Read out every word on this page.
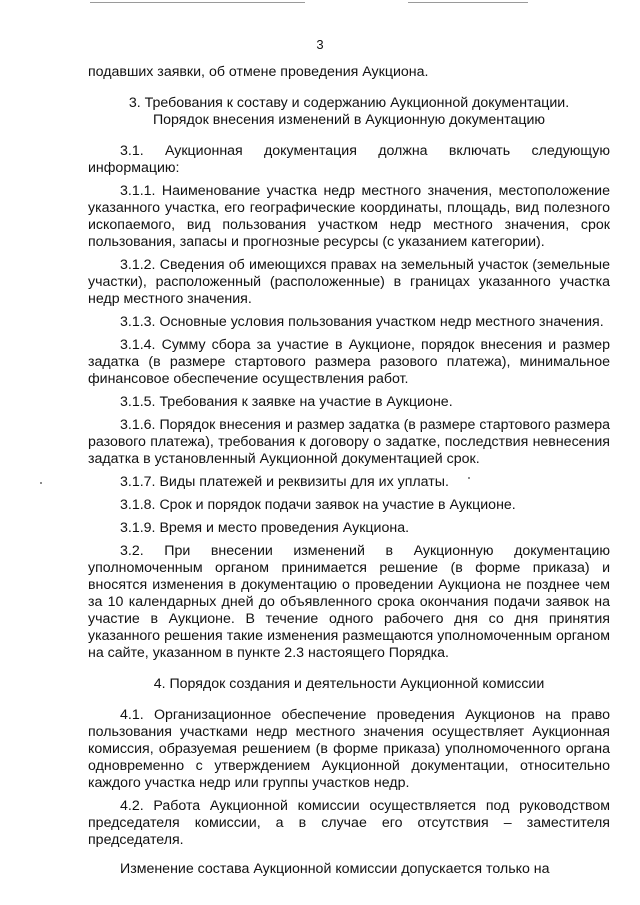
3

подавших заявки, об отмене проведения Аукциона.

3. Требования к составу и содержанию Аукционной документации.
Порядок внесения изменений в Аукционную документацию

3.1. Аукционная документация должна включать следующую информацию:

3.1.1. Наименование участка недр местного значения, местоположение указанного участка, его географические координаты, площадь, вид полезного ископаемого, вид пользования участком недр местного значения, срок пользования, запасы и прогнозные ресурсы (с указанием категории).

3.1.2. Сведения об имеющихся правах на земельный участок (земельные участки), расположенный (расположенные) в границах указанного участка недр местного значения.

3.1.3. Основные условия пользования участком недр местного значения.

3.1.4. Сумму сбора за участие в Аукционе, порядок внесения и размер задатка (в размере стартового размера разового платежа), минимальное финансовое обеспечение осуществления работ.

3.1.5. Требования к заявке на участие в Аукционе.

3.1.6. Порядок внесения и размер задатка (в размере стартового размера разового платежа), требования к договору о задатке, последствия невнесения задатка в установленный Аукционной документацией срок.

3.1.7. Виды платежей и реквизиты для их уплаты.

3.1.8. Срок и порядок подачи заявок на участие в Аукционе.

3.1.9. Время и место проведения Аукциона.

3.2. При внесении изменений в Аукционную документацию уполномоченным органом принимается решение (в форме приказа) и вносятся изменения в документацию о проведении Аукциона не позднее чем за 10 календарных дней до объявленного срока окончания подачи заявок на участие в Аукционе. В течение одного рабочего дня со дня принятия указанного решения такие изменения размещаются уполномоченным органом на сайте, указанном в пункте 2.3 настоящего Порядка.

4. Порядок создания и деятельности Аукционной комиссии

4.1. Организационное обеспечение проведения Аукционов на право пользования участками недр местного значения осуществляет Аукционная комиссия, образуемая решением (в форме приказа) уполномоченного органа одновременно с утверждением Аукционной документации, относительно каждого участка недр или группы участков недр.

4.2. Работа Аукционной комиссии осуществляется под руководством председателя комиссии, а в случае его отсутствия – заместителя председателя.

Изменение состава Аукционной комиссии допускается только на
